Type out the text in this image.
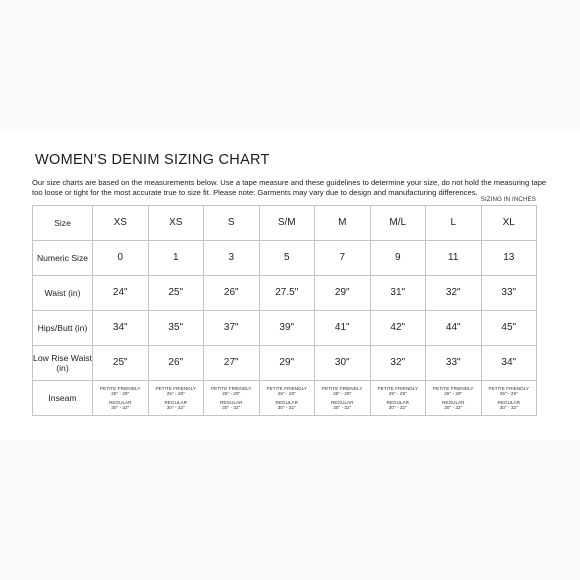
WOMEN’S DENIM SIZING CHART

Our size charts are based on the measurements below. Use a tape measure and these guidelines to determine your size, do not hold the measuring tape too loose or tight for the most accurate true to size fit. Please note: Garments may vary due to design and manufacturing differences.

SIZING IN INCHES
Size	XS	XS	S	S/M	M	M/L	L	XL
Numeric Size	0	1	3	5	7	9	11	13
Waist (in)	24"	25"	26"	27.5"	29"	31"	32"	33"
Hips/Butt (in)	34"	35"	37"	39"	41"	42"	44"	45"
Low Rise Waist (in)	25"	26"	27"	29"	30"	32"	33"	34"
Inseam	PETITE FRIENDLY
25" - 29"
REGULAR
30" - 32"	PETITE FRIENDLY
25" - 28"
REGULAR
30" - 32"	PETITE FRIENDLY
25" - 29"
REGULAR
30" - 32"	PETITE FRIENDLY
25" - 29"
REGULAR
30" - 32"	PETITE FRIENDLY
25" - 29"
REGULAR
30" - 32"	PETITE FRIENDLY
29" - 29"
REGULAR
30" - 32"	PETITE FRIENDLY
25" - 29"
REGULAR
30" - 32"	PETITE FRIENDLY
25" - 29"
REGULAR
30" - 32"
